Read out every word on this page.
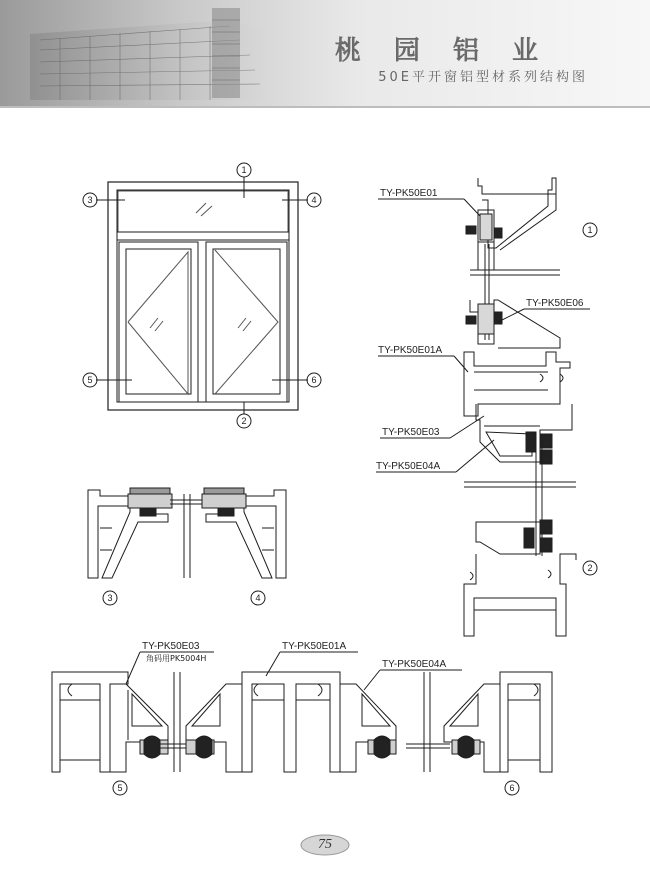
桃 园 铝 业
50E平开窗铝型材系列结构图
1
2
3	4
5	6
1
2
3	4
5	6
TY-PK50E01
TY-PK50E06
TY-PK50E01A
TY-PK50E03
TY-PK50E04A
TY-PK50E03
角码用PK5004H
TY-PK50E01A
TY-PK50E04A
75
